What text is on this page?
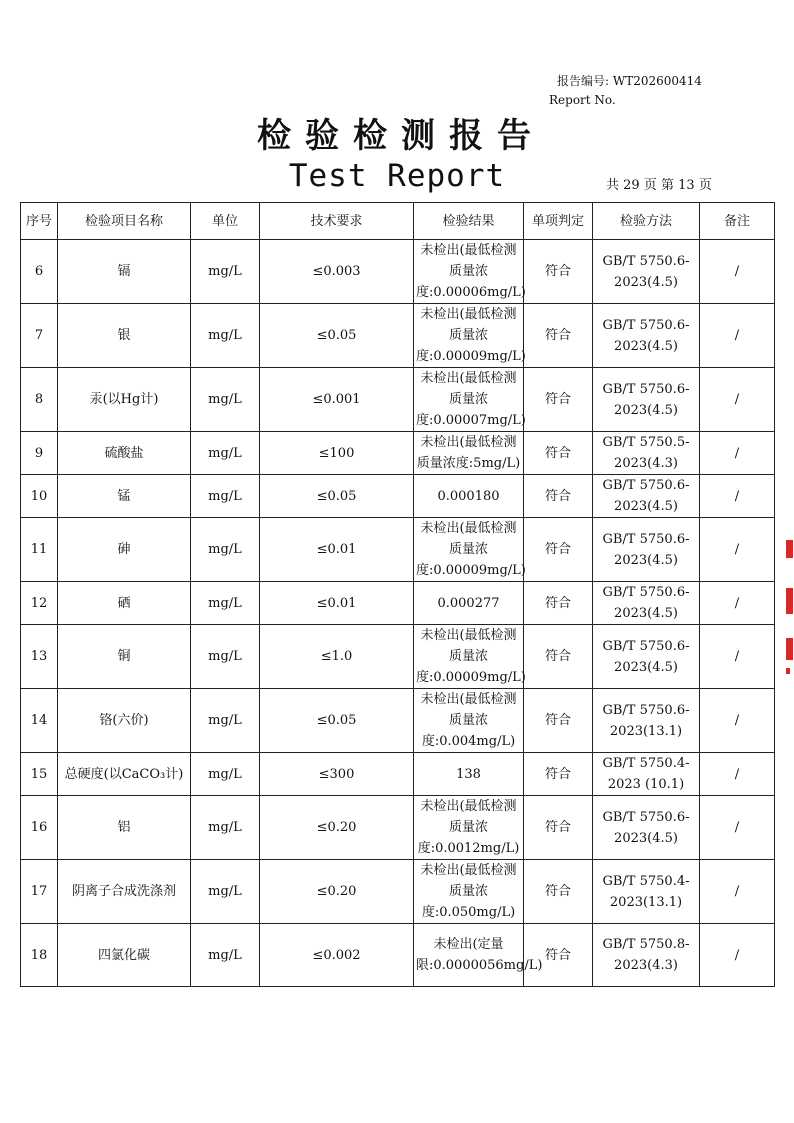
报告编号: WT202600414
Report No.
检验检测报告
Test Report	共 29 页 第 13 页
序号	检验项目名称	单位	技术要求	检验结果	单项判定	检验方法	备注
6	镉	mg/L	≤0.003	未检出(最低检测质量浓度:0.00006mg/L)	符合	GB/T 5750.6-2023(4.5)	/
7	银	mg/L	≤0.05	未检出(最低检测质量浓度:0.00009mg/L)	符合	GB/T 5750.6-2023(4.5)	/
8	汞(以Hg计)	mg/L	≤0.001	未检出(最低检测质量浓度:0.00007mg/L)	符合	GB/T 5750.6-2023(4.5)	/
9	硫酸盐	mg/L	≤100	未检出(最低检测质量浓度:5mg/L)	符合	GB/T 5750.5-2023(4.3)	/
10	锰	mg/L	≤0.05	0.000180	符合	GB/T 5750.6-2023(4.5)	/
11	砷	mg/L	≤0.01	未检出(最低检测质量浓度:0.00009mg/L)	符合	GB/T 5750.6-2023(4.5)	/
12	硒	mg/L	≤0.01	0.000277	符合	GB/T 5750.6-2023(4.5)	/
13	铜	mg/L	≤1.0	未检出(最低检测质量浓度:0.00009mg/L)	符合	GB/T 5750.6-2023(4.5)	/
14	铬(六价)	mg/L	≤0.05	未检出(最低检测质量浓度:0.004mg/L)	符合	GB/T 5750.6-2023(13.1)	/
15	总硬度(以CaCO₃计)	mg/L	≤300	138	符合	GB/T 5750.4-2023 (10.1)	/
16	铝	mg/L	≤0.20	未检出(最低检测质量浓度:0.0012mg/L)	符合	GB/T 5750.6-2023(4.5)	/
17	阴离子合成洗涤剂	mg/L	≤0.20	未检出(最低检测质量浓度:0.050mg/L)	符合	GB/T 5750.4-2023(13.1)	/
18	四氯化碳	mg/L	≤0.002	未检出(定量限:0.0000056mg/L)	符合	GB/T 5750.8-2023(4.3)	/
